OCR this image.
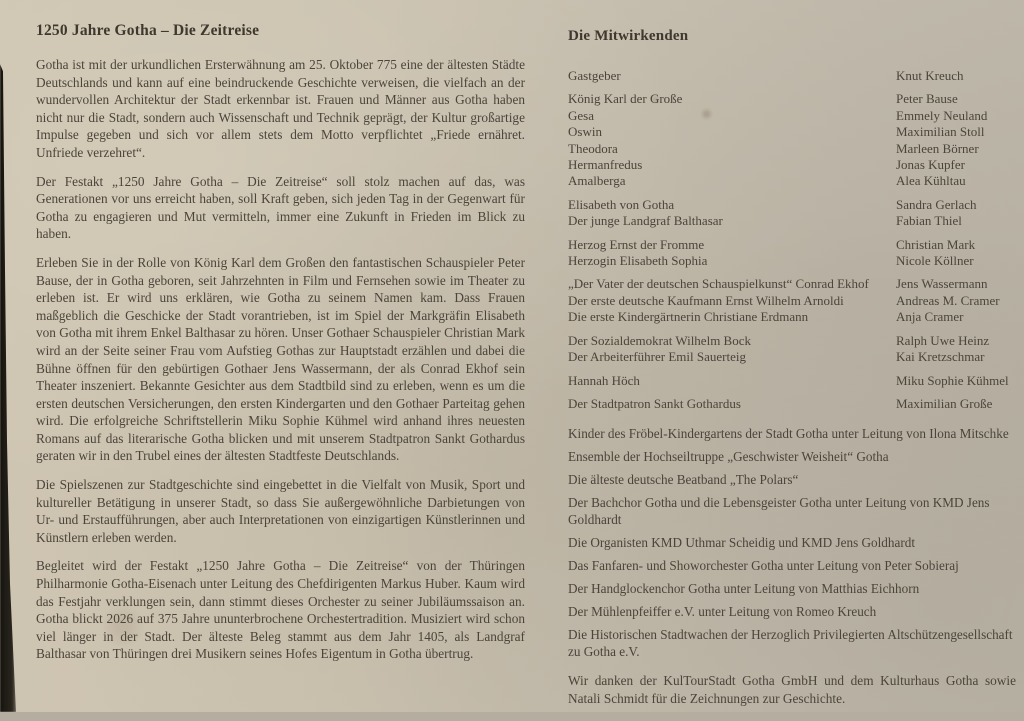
1250 Jahre Gotha – Die Zeitreise

Gotha ist mit der urkundlichen Ersterwähnung am 25. Oktober 775 eine der ältesten Städte Deutschlands und kann auf eine beindruckende Geschichte verweisen, die vielfach an der wundervollen Architektur der Stadt erkennbar ist. Frauen und Männer aus Gotha haben nicht nur die Stadt, sondern auch Wissenschaft und Technik geprägt, der Kultur großartige Impulse gegeben und sich vor allem stets dem Motto verpflichtet „Friede ernähret. Unfriede verzehret“.

Der Festakt „1250 Jahre Gotha – Die Zeitreise“ soll stolz machen auf das, was Generationen vor uns erreicht haben, soll Kraft geben, sich jeden Tag in der Gegenwart für Gotha zu engagieren und Mut vermitteln, immer eine Zukunft in Frieden im Blick zu haben.

Erleben Sie in der Rolle von König Karl dem Großen den fantastischen Schauspieler Peter Bause, der in Gotha geboren, seit Jahrzehnten in Film und Fernsehen sowie im Theater zu erleben ist. Er wird uns erklären, wie Gotha zu seinem Namen kam. Dass Frauen maßgeblich die Geschicke der Stadt vorantrieben, ist im Spiel der Markgräfin Elisabeth von Gotha mit ihrem Enkel Balthasar zu hören. Unser Gothaer Schauspieler Christian Mark wird an der Seite seiner Frau vom Aufstieg Gothas zur Hauptstadt erzählen und dabei die Bühne öffnen für den gebürtigen Gothaer Jens Wassermann, der als Conrad Ekhof sein Theater inszeniert. Bekannte Gesichter aus dem Stadtbild sind zu erleben, wenn es um die ersten deutschen Versicherungen, den ersten Kindergarten und den Gothaer Parteitag gehen wird. Die erfolgreiche Schriftstellerin Miku Sophie Kühmel wird anhand ihres neuesten Romans auf das literarische Gotha blicken und mit unserem Stadtpatron Sankt Gothardus geraten wir in den Trubel eines der ältesten Stadtfeste Deutschlands.

Die Spielszenen zur Stadtgeschichte sind eingebettet in die Vielfalt von Musik, Sport und kultureller Betätigung in unserer Stadt, so dass Sie außergewöhnliche Darbietungen von Ur- und Erstaufführungen, aber auch Interpretationen von einzigartigen Künstlerinnen und Künstlern erleben werden.

Begleitet wird der Festakt „1250 Jahre Gotha – Die Zeitreise“ von der Thüringen Philharmonie Gotha-Eisenach unter Leitung des Chefdirigenten Markus Huber. Kaum wird das Festjahr verklungen sein, dann stimmt dieses Orchester zu seiner Jubiläumssaison an. Gotha blickt 2026 auf 375 Jahre ununterbrochene Orchestertradition. Musiziert wird schon viel länger in der Stadt. Der älteste Beleg stammt aus dem Jahr 1405, als Landgraf Balthasar von Thüringen drei Musikern seines Hofes Eigentum in Gotha übertrug.

Die Mitwirkenden
Gastgeber	Knut Kreuch
König Karl der Große	Peter Bause
Gesa	Emmely Neuland
Oswin	Maximilian Stoll
Theodora	Marleen Börner
Hermanfredus	Jonas Kupfer
Amalberga	Alea Kühltau
Elisabeth von Gotha	Sandra Gerlach
Der junge Landgraf Balthasar	Fabian Thiel
Herzog Ernst der Fromme	Christian Mark
Herzogin Elisabeth Sophia	Nicole Köllner
„Der Vater der deutschen Schauspielkunst“ Conrad Ekhof	Jens Wassermann
Der erste deutsche Kaufmann Ernst Wilhelm Arnoldi	Andreas M. Cramer
Die erste Kindergärtnerin Christiane Erdmann	Anja Cramer
Der Sozialdemokrat Wilhelm Bock	Ralph Uwe Heinz
Der Arbeiterführer Emil Sauerteig	Kai Kretzschmar
Hannah Höch	Miku Sophie Kühmel
Der Stadtpatron Sankt Gothardus	Maximilian Große

Kinder des Fröbel-Kindergartens der Stadt Gotha unter Leitung von Ilona Mitschke

Ensemble der Hochseiltruppe „Geschwister Weisheit“ Gotha

Die älteste deutsche Beatband „The Polars“

Der Bachchor Gotha und die Lebensgeister Gotha unter Leitung von KMD Jens Goldhardt

Die Organisten KMD Uthmar Scheidig und KMD Jens Goldhardt

Das Fanfaren- und Showorchester Gotha unter Leitung von Peter Sobieraj

Der Handglockenchor Gotha unter Leitung von Matthias Eichhorn

Der Mühlenpfeiffer e.V. unter Leitung von Romeo Kreuch

Die Historischen Stadtwachen der Herzoglich Privilegierten Altschützengesellschaft zu Gotha e.V.

Wir danken der KulTourStadt Gotha GmbH und dem Kulturhaus Gotha sowie Natali Schmidt für die Zeichnungen zur Geschichte.
